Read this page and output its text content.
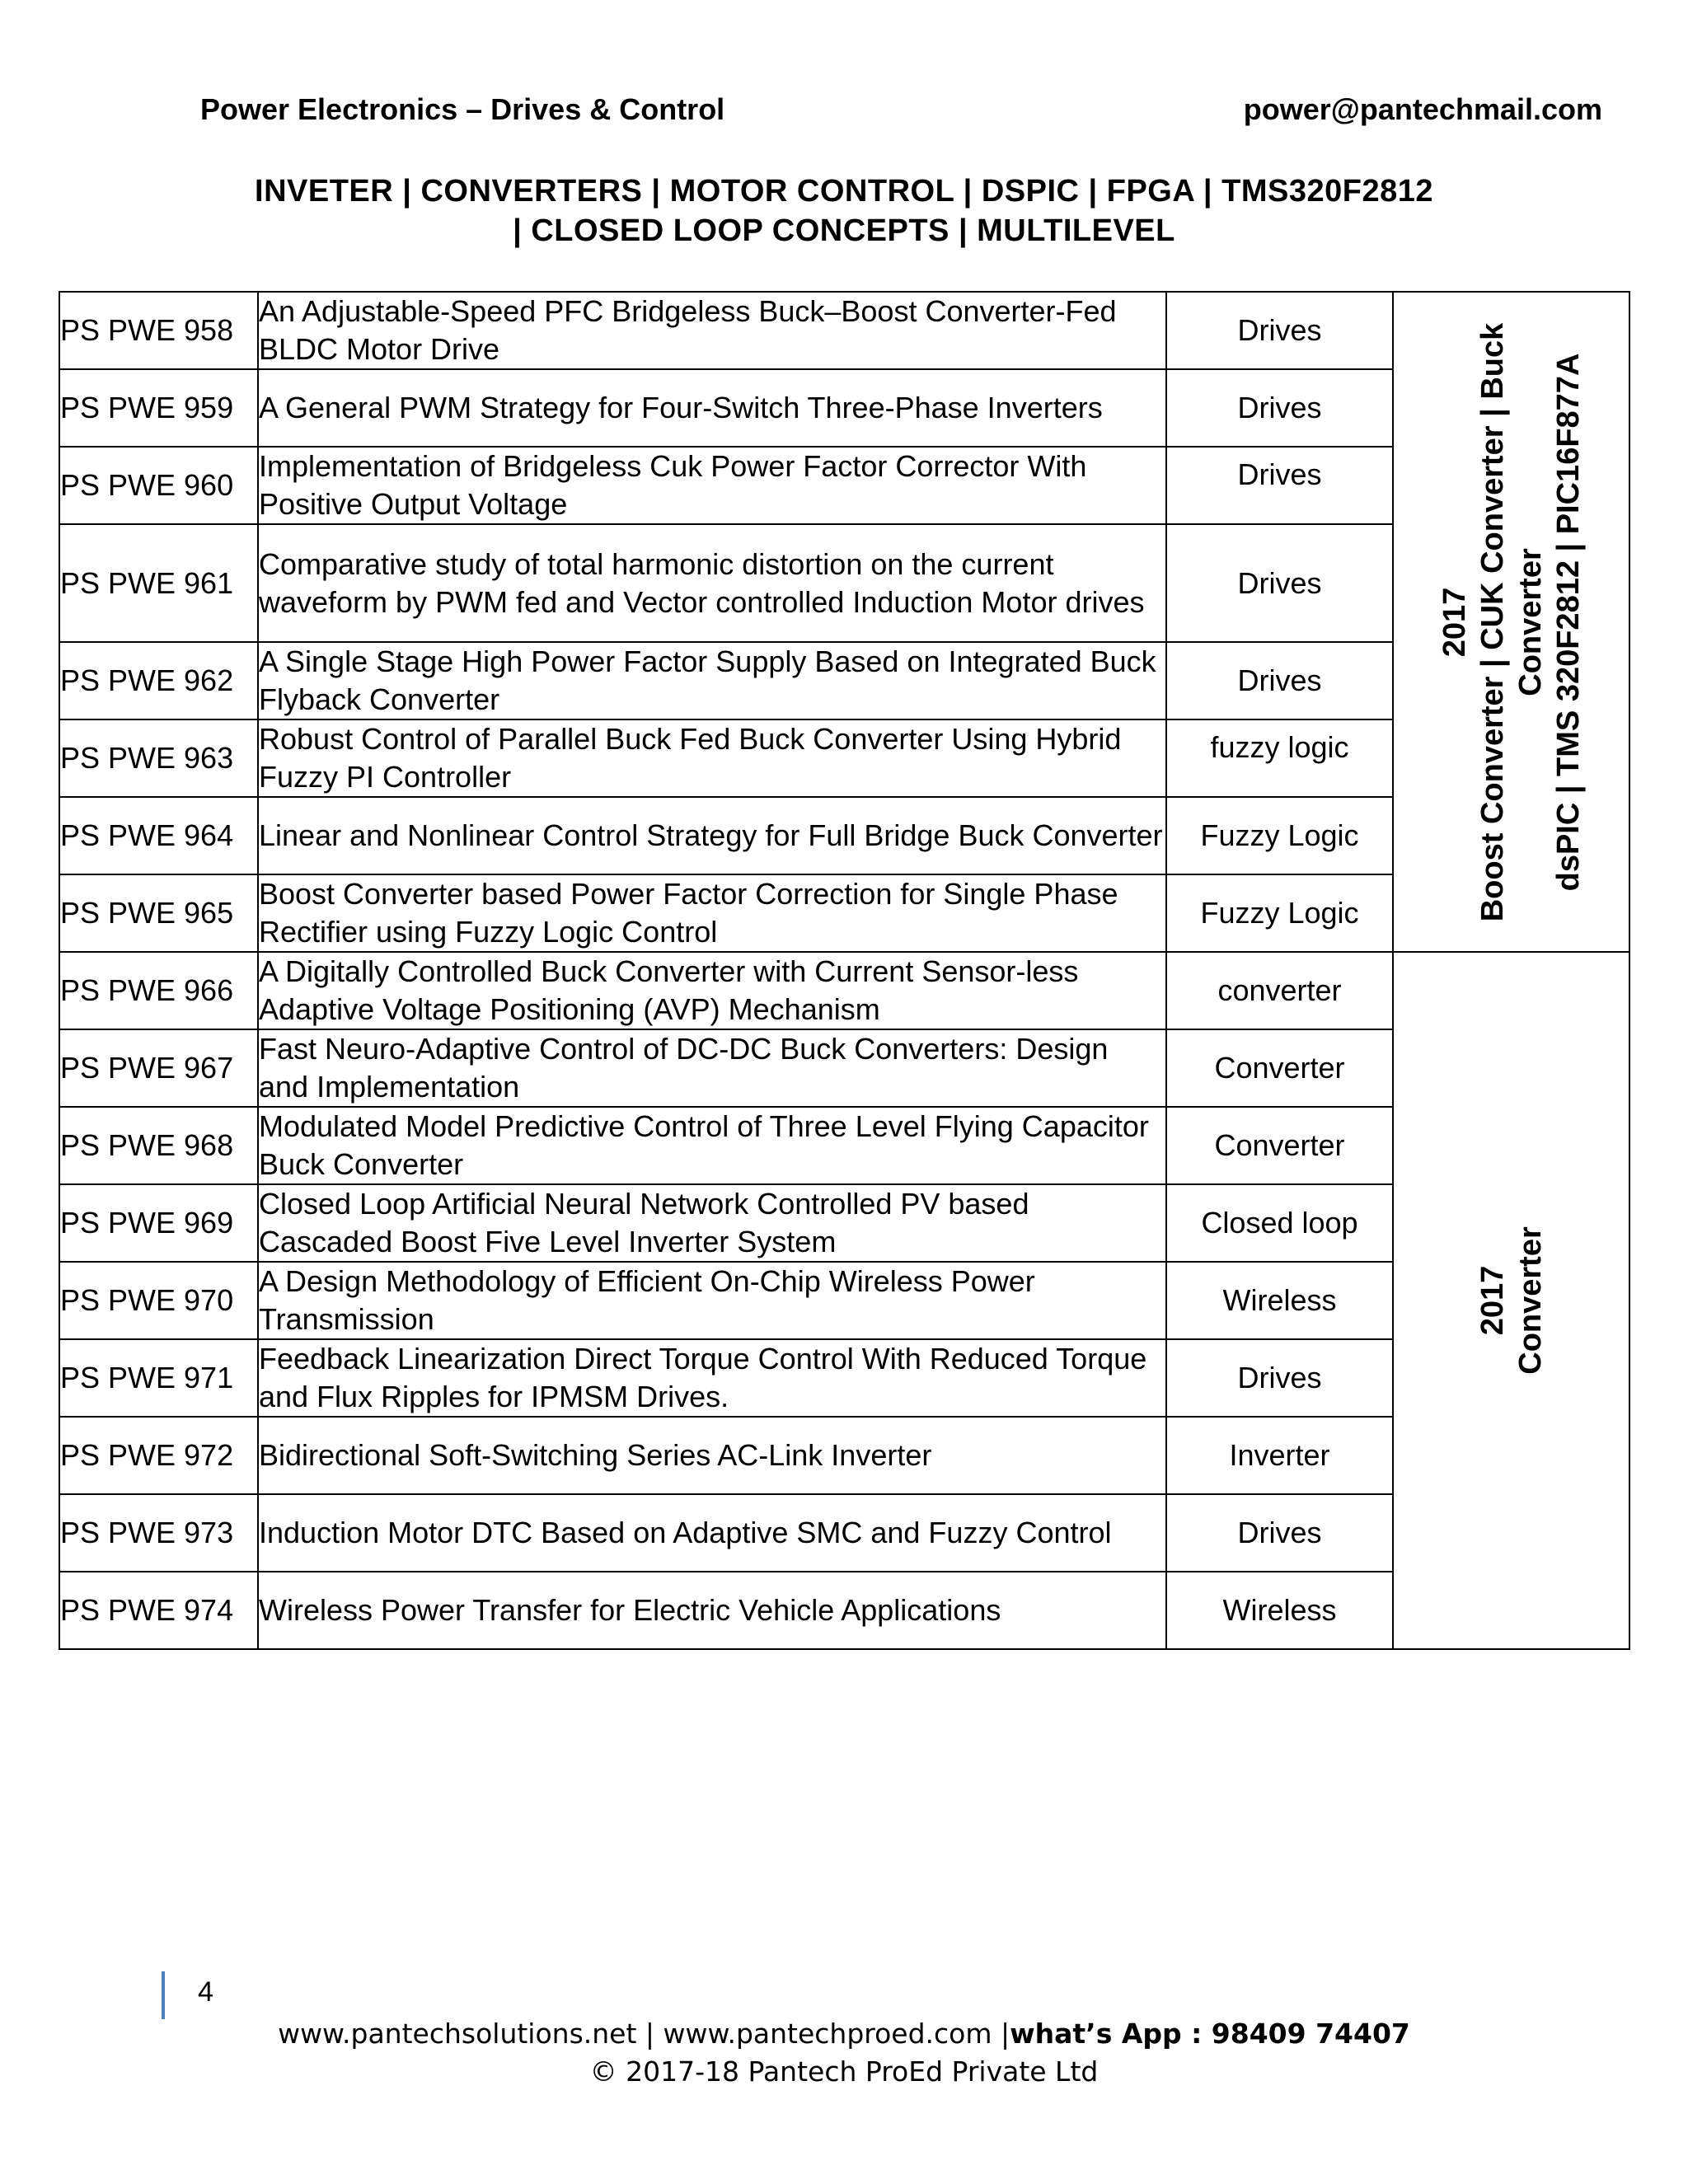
Power Electronics – Drives & Control	power@pantechmail.com
INVETER | CONVERTERS | MOTOR CONTROL | DSPIC | FPGA | TMS320F2812
| CLOSED LOOP CONCEPTS | MULTILEVEL
PS PWE 958	An Adjustable-Speed PFC Bridgeless Buck–Boost Converter-Fed BLDC Motor Drive	Drives	2017 Boost Converter | CUK Converter | Buck Converter dsPIC | TMS 320F2812 | PIC16F877A

PS PWE 959	A General PWM Strategy for Four-Switch Three-Phase Inverters	Drives	
PS PWE 960	Implementation of Bridgeless Cuk Power Factor Corrector With Positive Output Voltage	Drives	
PS PWE 961	Comparative study of total harmonic distortion on the current waveform by PWM fed and Vector controlled Induction Motor drives	Drives	
PS PWE 962	A Single Stage High Power Factor Supply Based on Integrated Buck Flyback Converter	Drives	
PS PWE 963	Robust Control of Parallel Buck Fed Buck Converter Using Hybrid Fuzzy PI Controller	fuzzy logic	
PS PWE 964	Linear and Nonlinear Control Strategy for Full Bridge Buck Converter	Fuzzy Logic	
PS PWE 965	Boost Converter based Power Factor Correction for Single Phase Rectifier using Fuzzy Logic Control	Fuzzy Logic	
PS PWE 966	A Digitally Controlled Buck Converter with Current Sensor-less Adaptive Voltage Positioning (AVP) Mechanism	converter	2017 Converter

PS PWE 967	Fast Neuro-Adaptive Control of DC-DC Buck Converters: Design and Implementation	Converter	
PS PWE 968	Modulated Model Predictive Control of Three Level Flying Capacitor Buck Converter	Converter	
PS PWE 969	Closed Loop Artificial Neural Network Controlled PV based Cascaded Boost Five Level Inverter System	Closed loop	
PS PWE 970	A Design Methodology of Efficient On-Chip Wireless Power Transmission	Wireless	
PS PWE 971	Feedback Linearization Direct Torque Control With Reduced Torque and Flux Ripples for IPMSM Drives.	Drives	
PS PWE 972	Bidirectional Soft-Switching Series AC-Link Inverter	Inverter	
PS PWE 973	Induction Motor DTC Based on Adaptive SMC and Fuzzy Control	Drives	
PS PWE 974	Wireless Power Transfer for Electric Vehicle Applications	Wireless	
4
www.pantechsolutions.net | www.pantechproed.com |what’s App : 98409 74407
© 2017-18 Pantech ProEd Private Ltd
